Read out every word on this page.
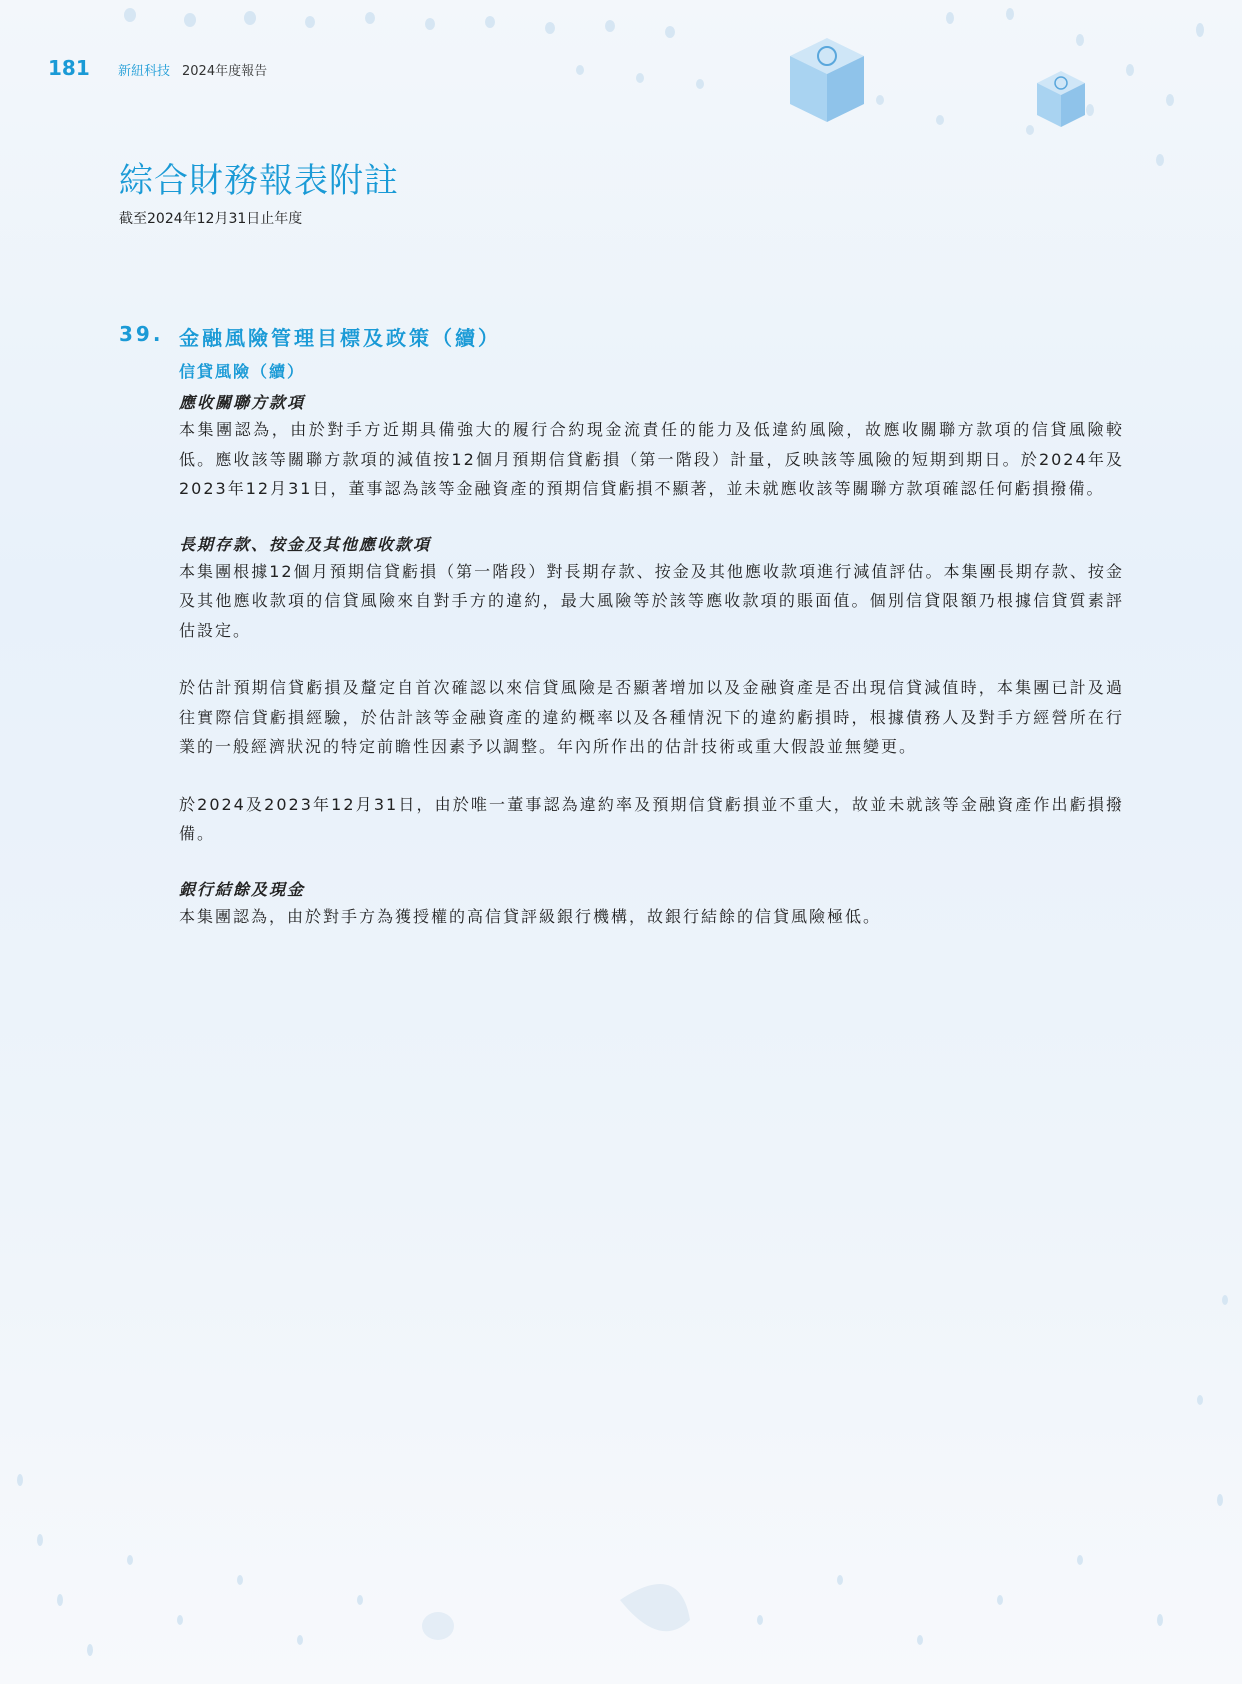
181	新紐科技 2024年度報告
綜合財務報表附註
截至2024年12月31日止年度
39. 金融風險管理目標及政策（續）
信貸風險（續）
應收關聯方款項

本集團認為，由於對手方近期具備強大的履行合約現金流責任的能力及低違約風險，故應收關聯方款項的信貸風險較低。應收該等關聯方款項的減值按12個月預期信貸虧損（第一階段）計量，反映該等風險的短期到期日。於2024年及2023年12月31日，董事認為該等金融資產的預期信貸虧損不顯著，並未就應收該等關聯方款項確認任何虧損撥備。

長期存款、按金及其他應收款項

本集團根據12個月預期信貸虧損（第一階段）對長期存款、按金及其他應收款項進行減值評估。本集團長期存款、按金及其他應收款項的信貸風險來自對手方的違約，最大風險等於該等應收款項的賬面值。個別信貸限額乃根據信貸質素評估設定。

於估計預期信貸虧損及釐定自首次確認以來信貸風險是否顯著增加以及金融資產是否出現信貸減值時，本集團已計及過往實際信貸虧損經驗，於估計該等金融資產的違約概率以及各種情況下的違約虧損時，根據債務人及對手方經營所在行業的一般經濟狀況的特定前瞻性因素予以調整。年內所作出的估計技術或重大假設並無變更。

於2024及2023年12月31日，由於唯一董事認為違約率及預期信貸虧損並不重大，故並未就該等金融資產作出虧損撥備。

銀行結餘及現金

本集團認為，由於對手方為獲授權的高信貸評級銀行機構，故銀行結餘的信貸風險極低。
